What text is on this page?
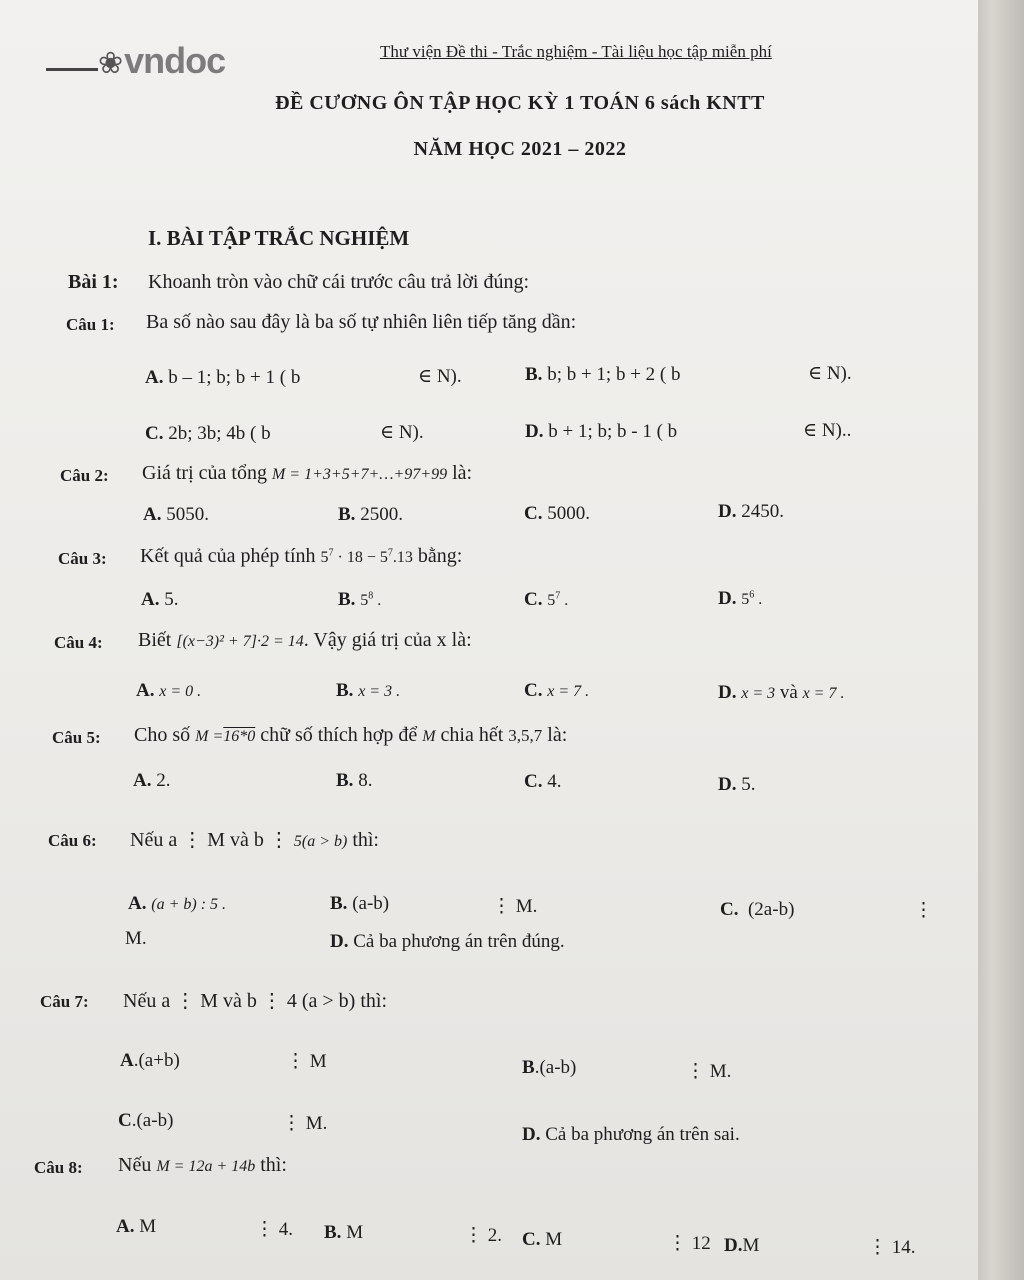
❀vndoc	Thư viện Đề thi - Trắc nghiệm - Tài liệu học tập miễn phí
ĐỀ CƯƠNG ÔN TẬP HỌC KỲ 1 TOÁN 6 sách KNTT
NĂM HỌC 2021 – 2022
I. BÀI TẬP TRẮC NGHIỆM
Bài 1: Khoanh tròn vào chữ cái trước câu trả lời đúng:
Câu 1: Ba số nào sau đây là ba số tự nhiên liên tiếp tăng dần:
A. b – 1; b; b + 1 ( b	∈ N).	B. b; b + 1; b + 2 ( b	∈ N).
C. 2b; 3b; 4b ( b	∈ N).	D. b + 1; b; b - 1 ( b	∈ N)..
Câu 2: Giá trị của tổng M = 1+3+5+7+…+97+99 là:
A. 5050.	B. 2500.	C. 5000.	D. 2450.
Câu 3: Kết quả của phép tính $5^7 \cdot 18 - 5^7.13$ bằng:
A. 5.	B. $5^8$ .	C. $5^7$ .	D. $5^6$ .
Câu 4: Biết [(x−3)² + 7]·2 = 14. Vậy giá trị của x là:
A. x = 0 .	B. x = 3 .	C. x = 7 .	D. x = 3 và x = 7 .
Câu 5: Cho số M =16*0 chữ số thích hợp để M chia hết 3,5,7 là:
A. 2.	B. 8.	C. 4.	D. 5.
Câu 6: Nếu a ⋮ M và b ⋮ 5(a > b) thì:
A. (a + b) : 5 .	B. (a-b)	⋮ M.	C. (2a-b)	⋮
M.	D. Cả ba phương án trên đúng.
Câu 7: Nếu a ⋮ M và b ⋮ 4 (a > b) thì:
A.(a+b)	⋮ M	B.(a-b)	⋮ M.
C.(a-b)	⋮ M.
D. Cả ba phương án trên sai.
Câu 8: Nếu M = 12a + 14b thì:
A. M	⋮ 4. B. M	⋮ 2. C. M	⋮ 12 D.M	⋮ 14.
